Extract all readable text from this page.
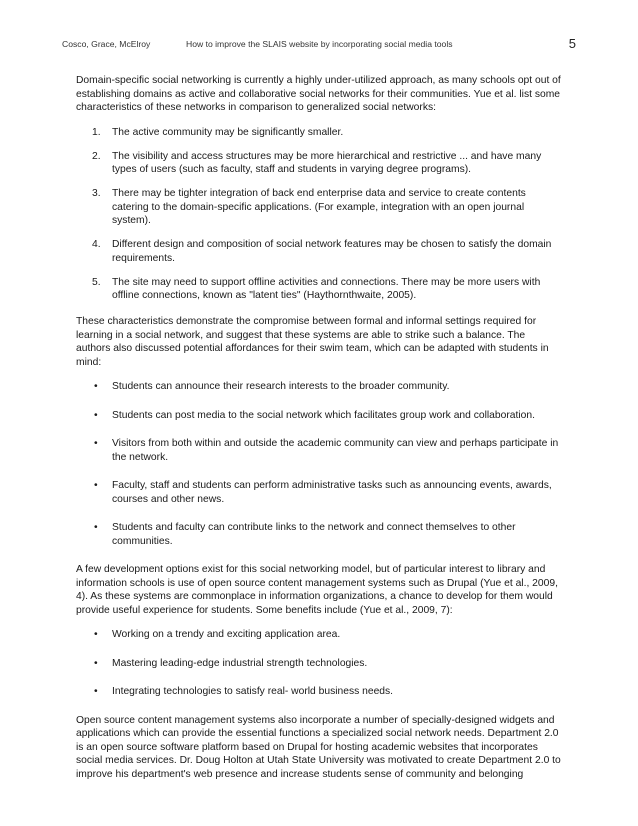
Cosco, Grace, McElroy	How to improve the SLAIS website by incorporating social media tools	5

Domain-specific social networking is currently a highly under-utilized approach, as many schools opt out of establishing domains as active and collaborative social networks for their communities. Yue et al. list some characteristics of these networks in comparison to generalized social networks:

1. The active community may be significantly smaller.
2. The visibility and access structures may be more hierarchical and restrictive ... and have many types of users (such as faculty, staff and students in varying degree programs).
3. There may be tighter integration of back end enterprise data and service to create contents catering to the domain-specific applications. (For example, integration with an open journal system).
4. Different design and composition of social network features may be chosen to satisfy the domain requirements.
5. The site may need to support offline activities and connections. There may be more users with offline connections, known as "latent ties" (Haythornthwaite, 2005).

These characteristics demonstrate the compromise between formal and informal settings required for learning in a social network, and suggest that these systems are able to strike such a balance. The authors also discussed potential affordances for their swim team, which can be adapted with students in mind:

• Students can announce their research interests to the broader community.
• Students can post media to the social network which facilitates group work and collaboration.
• Visitors from both within and outside the academic community can view and perhaps participate in the network.
• Faculty, staff and students can perform administrative tasks such as announcing events, awards, courses and other news.
• Students and faculty can contribute links to the network and connect themselves to other communities.

A few development options exist for this social networking model, but of particular interest to library and information schools is use of open source content management systems such as Drupal (Yue et al., 2009, 4). As these systems are commonplace in information organizations, a chance to develop for them would provide useful experience for students. Some benefits include (Yue et al., 2009, 7):

• Working on a trendy and exciting application area.
• Mastering leading-edge industrial strength technologies.
• Integrating technologies to satisfy real- world business needs.

Open source content management systems also incorporate a number of specially-designed widgets and applications which can provide the essential functions a specialized social network needs. Department 2.0 is an open source software platform based on Drupal for hosting academic websites that incorporates social media services. Dr. Doug Holton at Utah State University was motivated to create Department 2.0 to improve his department's web presence and increase students sense of community and belonging
